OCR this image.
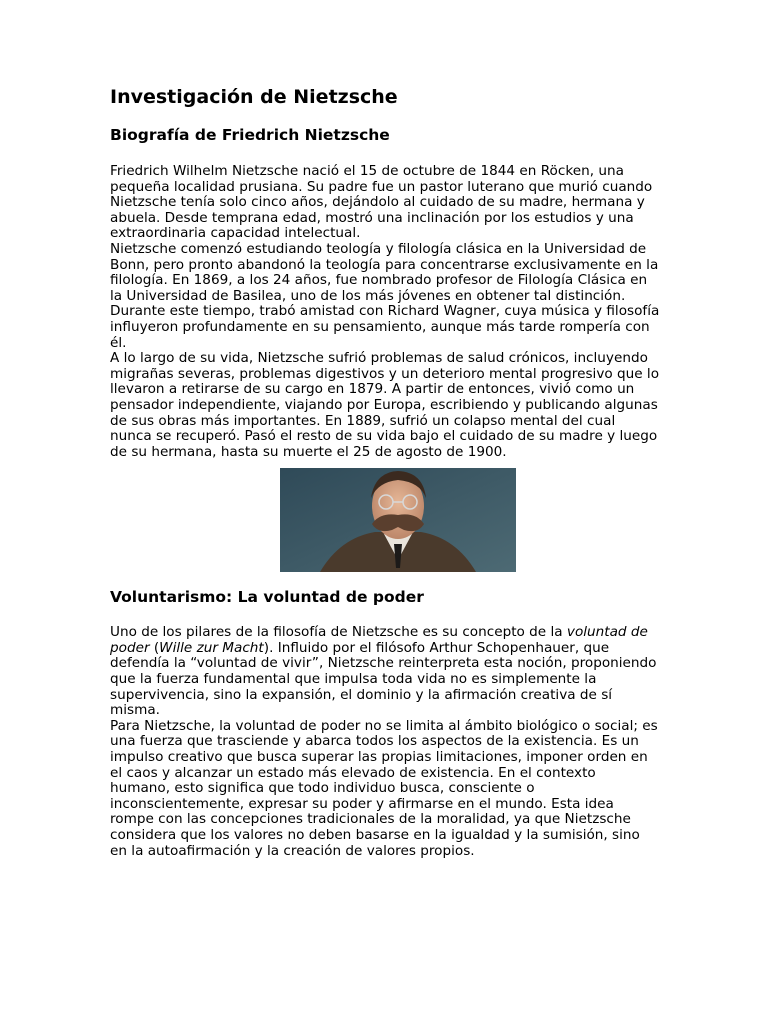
Investigación de Nietzsche
Biografía de Friedrich Nietzsche

Friedrich Wilhelm Nietzsche nació el 15 de octubre de 1844 en Röcken, una pequeña localidad prusiana. Su padre fue un pastor luterano que murió cuando Nietzsche tenía solo cinco años, dejándolo al cuidado de su madre, hermana y abuela. Desde temprana edad, mostró una inclinación por los estudios y una extraordinaria capacidad intelectual.

Nietzsche comenzó estudiando teología y filología clásica en la Universidad de Bonn, pero pronto abandonó la teología para concentrarse exclusivamente en la filología. En 1869, a los 24 años, fue nombrado profesor de Filología Clásica en la Universidad de Basilea, uno de los más jóvenes en obtener tal distinción. Durante este tiempo, trabó amistad con Richard Wagner, cuya música y filosofía influyeron profundamente en su pensamiento, aunque más tarde rompería con él.

A lo largo de su vida, Nietzsche sufrió problemas de salud crónicos, incluyendo migrañas severas, problemas digestivos y un deterioro mental progresivo que lo llevaron a retirarse de su cargo en 1879. A partir de entonces, vivió como un pensador independiente, viajando por Europa, escribiendo y publicando algunas de sus obras más importantes. En 1889, sufrió un colapso mental del cual nunca se recuperó. Pasó el resto de su vida bajo el cuidado de su madre y luego de su hermana, hasta su muerte el 25 de agosto de 1900.

Voluntarismo: La voluntad de poder

Uno de los pilares de la filosofía de Nietzsche es su concepto de la voluntad de poder (Wille zur Macht). Influido por el filósofo Arthur Schopenhauer, que defendía la “voluntad de vivir”, Nietzsche reinterpreta esta noción, proponiendo que la fuerza fundamental que impulsa toda vida no es simplemente la supervivencia, sino la expansión, el dominio y la afirmación creativa de sí misma.

Para Nietzsche, la voluntad de poder no se limita al ámbito biológico o social; es una fuerza que trasciende y abarca todos los aspectos de la existencia. Es un impulso creativo que busca superar las propias limitaciones, imponer orden en el caos y alcanzar un estado más elevado de existencia. En el contexto humano, esto significa que todo individuo busca, consciente o inconscientemente, expresar su poder y afirmarse en el mundo. Esta idea rompe con las concepciones tradicionales de la moralidad, ya que Nietzsche considera que los valores no deben basarse en la igualdad y la sumisión, sino en la autoafirmación y la creación de valores propios.
